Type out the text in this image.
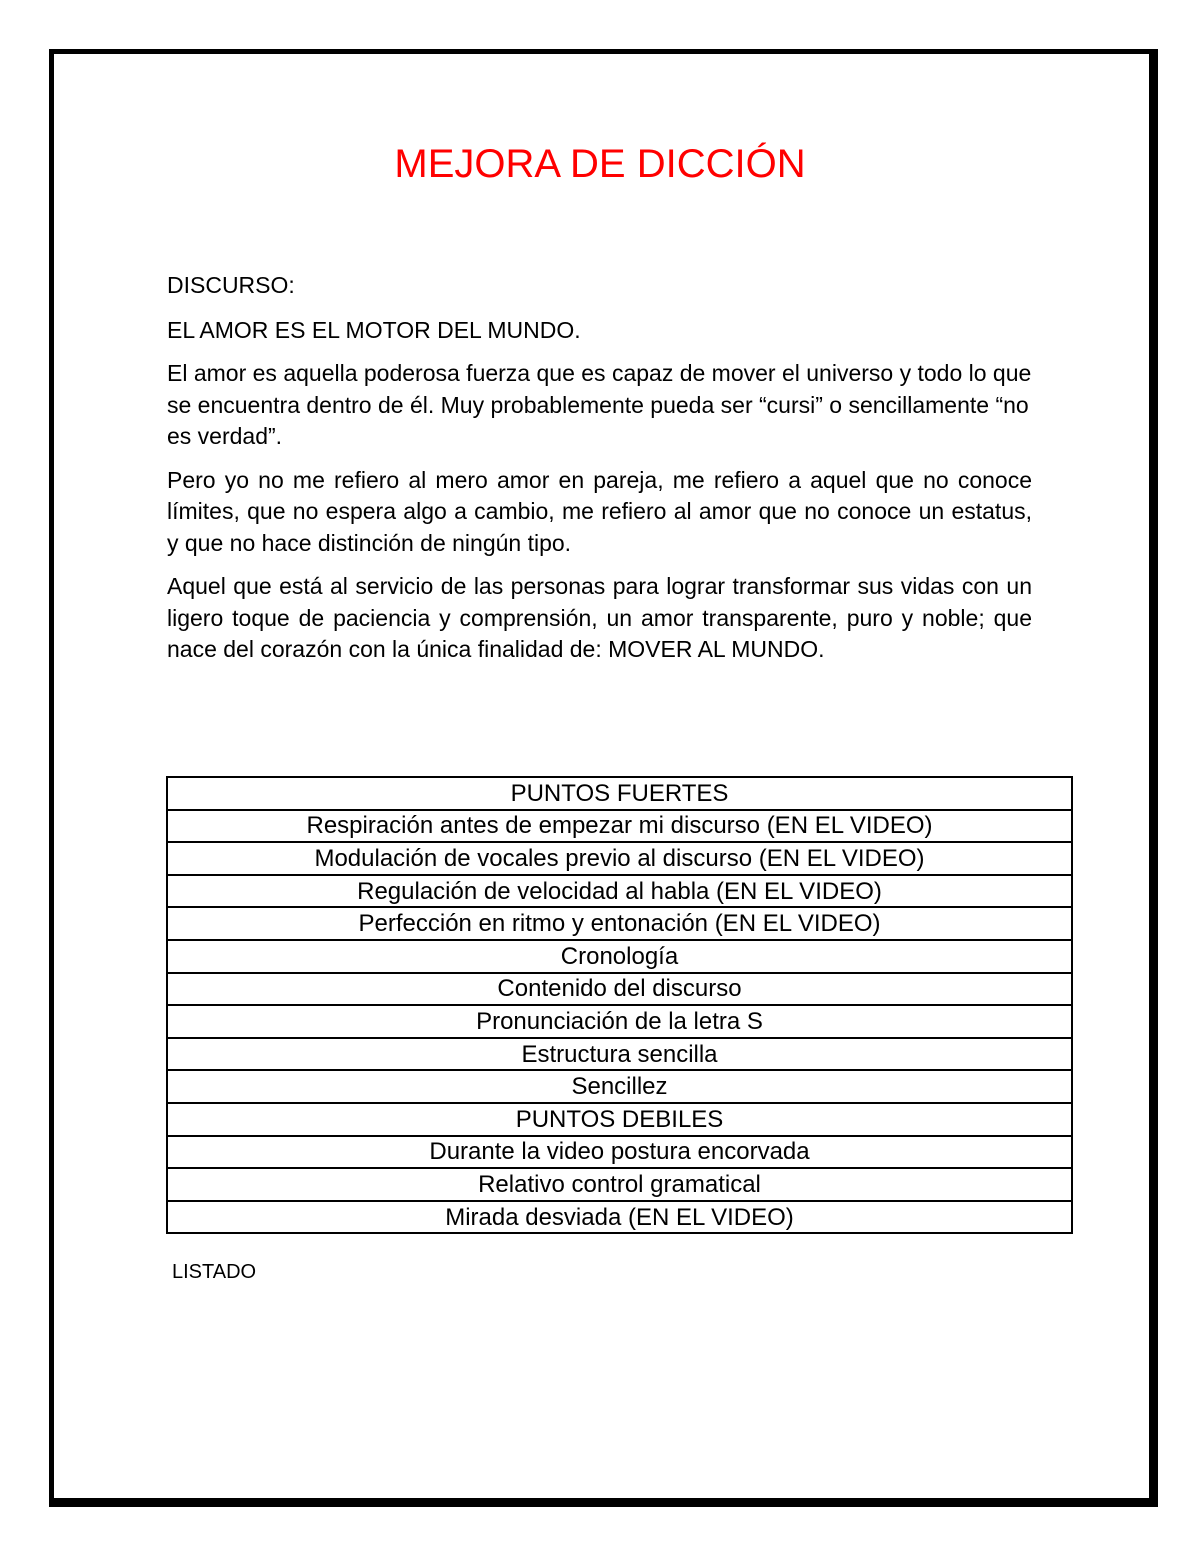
MEJORA DE DICCIÓN

DISCURSO:

EL AMOR ES EL MOTOR DEL MUNDO.

El amor es aquella poderosa fuerza que es capaz de mover el universo y todo lo que se encuentra dentro de él. Muy probablemente pueda ser “cursi” o sencillamente “no es verdad”.

Pero yo no me refiero al mero amor en pareja, me refiero a aquel que no conoce límites, que no espera algo a cambio, me refiero al amor que no conoce un estatus, y que no hace distinción de ningún tipo.

Aquel que está al servicio de las personas para lograr transformar sus vidas con un ligero toque de paciencia y comprensión, un amor transparente, puro y noble; que nace del corazón con la única finalidad de: MOVER AL MUNDO.

PUNTOS FUERTES
Respiración antes de empezar mi discurso (EN EL VIDEO)
Modulación de vocales previo al discurso (EN EL VIDEO)
Regulación de velocidad al habla (EN EL VIDEO)
Perfección en ritmo y entonación (EN EL VIDEO)
Cronología
Contenido del discurso
Pronunciación de la letra S
Estructura sencilla
Sencillez
PUNTOS DEBILES
Durante la video postura encorvada
Relativo control gramatical
Mirada desviada (EN EL VIDEO)
LISTADO
